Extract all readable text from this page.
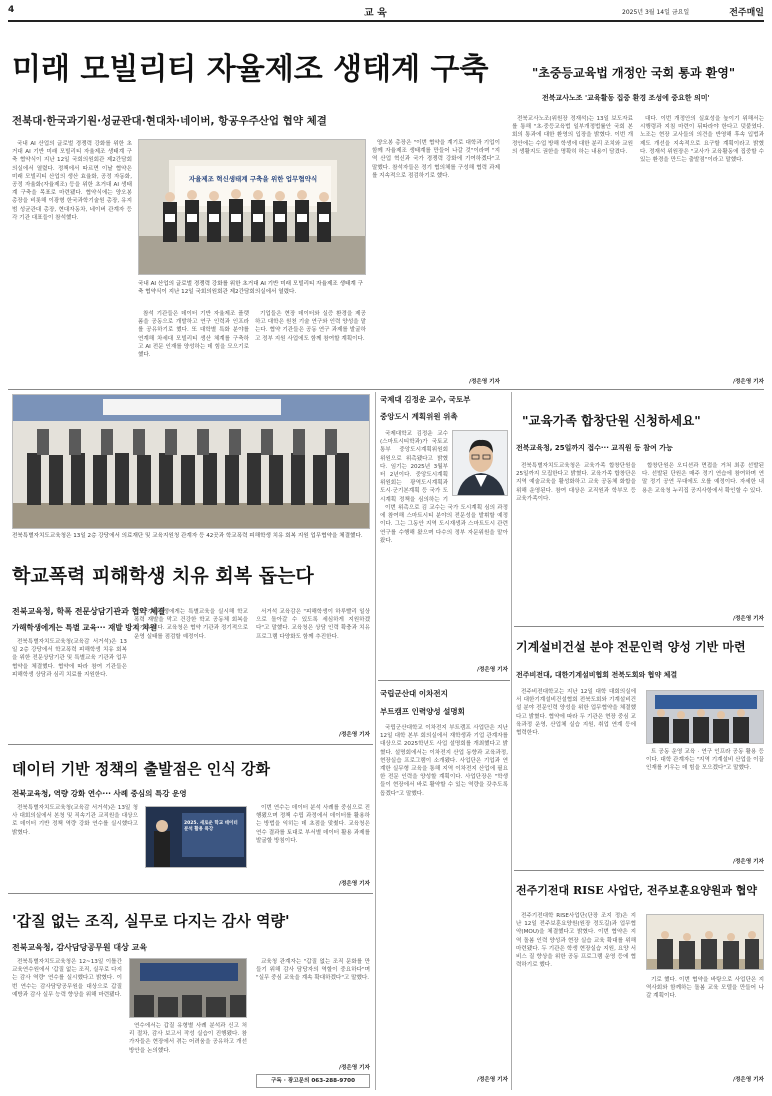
4	교 육	2025년 3월 14일 금요일	전주매일
미래 모빌리티 자율제조 생태계 구축
전북대·한국과기원·성균관대·현대차·네이버, 항공우주산업 협약 체결

국내 AI 산업의 글로벌 경쟁력 강화를 위한 초거대 AI 기반 미래 모빌리티 자율제조 생태계 구축 협약식이 지난 12일 국회의원회관 제2간담회의실에서 열렸다. 정책에서 따르면 이날 협약은 미래 모빌리티 산업의 생산 효율화, 공정 자동화, 공정 자율화(자율제조) 등을 위한 초거대 AI 생태계 구축을 목표로 마련됐다. 협약식에는 양오봉 총장을 비롯해 이광형 한국과학기술원 총장, 유지범 성균관대 총장, 현대자동차, 네이버 관계자 등 각 기관 대표들이 참석했다.

자율제조 혁신생태계 구축을 위한 업무협약식
국내 AI 산업의 글로벌 경쟁력 강화를 위한 초거대 AI 기반 미래 모빌리티 자율제조 생태계 구축 협약식이 지난 12일 국회의원회관 제2간담회의실에서 열렸다.

참석 기관들은 데이터 기반 자율제조 플랫폼을 공동으로 개발하고 연구 인력과 인프라를 공유하기로 했다. 또 대학별 특화 분야를 연계해 차세대 모빌리티 생산 체계를 구축하고 AI 전문 인재를 양성하는 데 힘을 모으기로 했다.

기업들은 현장 데이터와 실증 환경을 제공하고 대학은 원천 기술 연구와 인력 양성을 맡는다. 협약 기관들은 공동 연구 과제를 발굴하고 정부 지원 사업에도 함께 참여할 계획이다.

양오봉 총장은 "이번 협약을 계기로 대학과 기업이 함께 자율제조 생태계를 만들어 나갈 것"이라며 "지역 산업 혁신과 국가 경쟁력 강화에 기여하겠다"고 말했다. 참석자들은 정기 협의체를 구성해 협력 과제를 지속적으로 점검하기로 했다.

/정은영 기자
"초중등교육법 개정안 국회 통과 환영"
전북교사노조 '교육활동 집중 환경 조성에 중요한 의미'

전북교사노조(위원장 정재석)는 13일 보도자료를 통해 "초·중등교육법 일부개정법률안 국회 본회의 통과에 대한 환영의 입장을 밝혔다. 이번 개정안에는 수업 방해 학생에 대한 분리 조치와 교원의 생활지도 권한을 명확히 하는 내용이 담겼다.

대다. 이번 개정안의 실효성을 높이기 위해서는 시행령과 지침 마련이 뒤따라야 한다고 덧붙였다. 노조는 현장 교사들의 의견을 반영해 후속 입법과 제도 개선을 지속적으로 요구할 계획이라고 밝혔다. 정재석 위원장은 "교사가 교육활동에 집중할 수 있는 환경을 만드는 출발점"이라고 말했다.

/정은영 기자
전북특별자치도교육청은 13일 2층 강당에서 의료재단 및 교육지원청 관계자 등 42곳과 학교폭력 피해학생 치유 회복 지원 업무협약을 체결했다.
학교폭력 피해학생 치유 회복 돕는다
전북교육청, 학폭 전문상담기관과 협약 체결
가해학생에게는 특별 교육··· 재발 방지 차원

전북특별자치도교육청(교육감 서거석)은 13일 2층 강당에서 학교폭력 피해학생 치유 회복을 위한 전문상담기관 및 특별교육 기관과 업무협약을 체결했다. 협약에 따라 참여 기관들은 피해학생 상담과 심리 치료를 지원한다.

또 가해학생에게는 특별교육을 실시해 학교폭력 재발을 막고 건강한 학교 공동체 회복을 돕기로 했다. 교육청은 협약 기관과 정기적으로 운영 실태를 점검할 예정이다.

서거석 교육감은 "피해학생이 하루빨리 일상으로 돌아갈 수 있도록 세심하게 지원하겠다"고 말했다. 교육청은 상담 인력 확충과 치유 프로그램 다양화도 함께 추진한다.

/정은영 기자
데이터 기반 정책의 출발점은 인식 강화
전북교육청, 역량 강화 연수··· 사례 중심의 특강 운영

전북특별자치도교육청(교육감 서거석)은 13일 청사 대회의실에서 본청 및 직속기관 교직원을 대상으로 데이터 기반 정책 역량 강화 연수를 실시했다고 밝혔다.

2025. 새로운 학교 데이터 분석 활용 특강

이번 연수는 데이터 분석 사례를 중심으로 진행됐으며 정책 수립 과정에서 데이터를 활용하는 방법을 익히는 데 초점을 맞췄다. 교육청은 연수 결과를 토대로 부서별 데이터 활용 과제를 발굴할 방침이다.

/정은영 기자
'갑질 없는 조직, 실무로 다지는 감사 역량'
전북교육청, 감사담당공무원 대상 교육

전북특별자치도교육청은 12~13일 이틀간 교육연수원에서 '갑질 없는 조직, 실무로 다지는 감사 역량' 연수를 실시했다고 밝혔다. 이번 연수는 감사담당공무원을 대상으로 갑질 예방과 감사 실무 능력 향상을 위해 마련됐다.

연수에서는 갑질 유형별 사례 분석과 신고 처리 절차, 감사 보고서 작성 실습이 진행됐다. 참가자들은 현장에서 겪는 어려움을 공유하고 개선 방안을 논의했다.

교육청 관계자는 "갑질 없는 조직 문화를 만들기 위해 감사 담당자의 역할이 중요하다"며 "실무 중심 교육을 계속 확대하겠다"고 말했다.

/정은영 기자
구독 · 광고문의 063-288-9700
국제대 김정운 교수, 국토부
중앙도시 계획위원 위촉

국제대학교 김정운 교수(스마트시티학과)가 국토교통부 중앙도시계획위원회 위원으로 위촉됐다고 밝혔다. 임기는 2025년 3월부터 2년이다. 중앙도시계획위원회는 광역도시계획과 도시·군기본계획 등 국가 도시계획 정책을 심의하는 기

이번 위촉으로 김 교수는 국가 도시계획 심의 과정에 참여해 스마트시티 분야의 전문성을 발휘할 예정이다. 그는 그동안 지역 도시재생과 스마트도시 관련 연구를 수행해 왔으며 다수의 정부 자문위원을 맡아 왔다.

/정은영 기자
국립군산대 이차전지
부트캠프 인력양성 설명회

국립군산대학교 이차전지 부트캠프 사업단은 지난 12일 대학 본부 회의실에서 재학생과 기업 관계자를 대상으로 2025학년도 사업 설명회를 개최했다고 밝혔다. 설명회에서는 이차전지 산업 동향과 교육과정, 현장실습 프로그램이 소개됐다. 사업단은 기업과 연계한 실무형 교육을 통해 지역 이차전지 산업에 필요한 전문 인력을 양성할 계획이다. 사업단장은 "학생들이 현장에서 바로 활약할 수 있는 역량을 갖추도록 돕겠다"고 말했다.

/정은영 기자
"교육가족 합창단원 신청하세요"
전북교육청, 25일까지 접수··· 교직원 등 참여 가능

전북특별자치도교육청은 교육가족 합창단원을 25일까지 모집한다고 밝혔다. 교육가족 합창단은 지역 예술교육을 활성화하고 교육 공동체 화합을 위해 운영된다. 참여 대상은 교직원과 학부모 등 교육가족이다.

합창단원은 오디션과 면접을 거쳐 최종 선발된다. 선발된 단원은 매주 정기 연습에 참여하며 연말 정기 공연 무대에도 오를 예정이다. 자세한 내용은 교육청 누리집 공지사항에서 확인할 수 있다.

/정은영 기자
기계설비건설 분야 전문인력 양성 기반 마련
전주비전대, 대한기계설비협회 전북도회와 협약 체결

전주비전대학교는 지난 12일 대학 대회의실에서 대한기계설비건설협회 전북도회와 기계설비건설 분야 전문인력 양성을 위한 업무협약을 체결했다고 밝혔다. 협약에 따라 두 기관은 현장 중심 교육과정 운영, 산업체 실습 지원, 취업 연계 등에 협력한다.

트 공동 운영 교육 · 연구 인프라 공동 활용 등이다. 대학 관계자는 "지역 기계설비 산업을 이끌 인재를 키우는 데 힘을 모으겠다"고 말했다.

/정은영 기자
전주기전대 RISE 사업단, 전주보훈요양원과 협약

전주기전대학 RISE사업단(단장 조지 정)은 지난 12일 전주보훈요양원(원장 정도길)과 업무협약(MOU)을 체결했다고 밝혔다. 이번 협약은 지역 돌봄 인력 양성과 현장 실습 교육 확대를 위해 마련됐다. 두 기관은 학생 현장실습 지원, 요양 서비스 질 향상을 위한 공동 프로그램 운영 등에 협력하기로 했다.

기로 했다. 이번 협약을 바탕으로 사업단은 지역사회와 함께하는 돌봄 교육 모델을 만들어 나갈 계획이다.

/정은영 기자
